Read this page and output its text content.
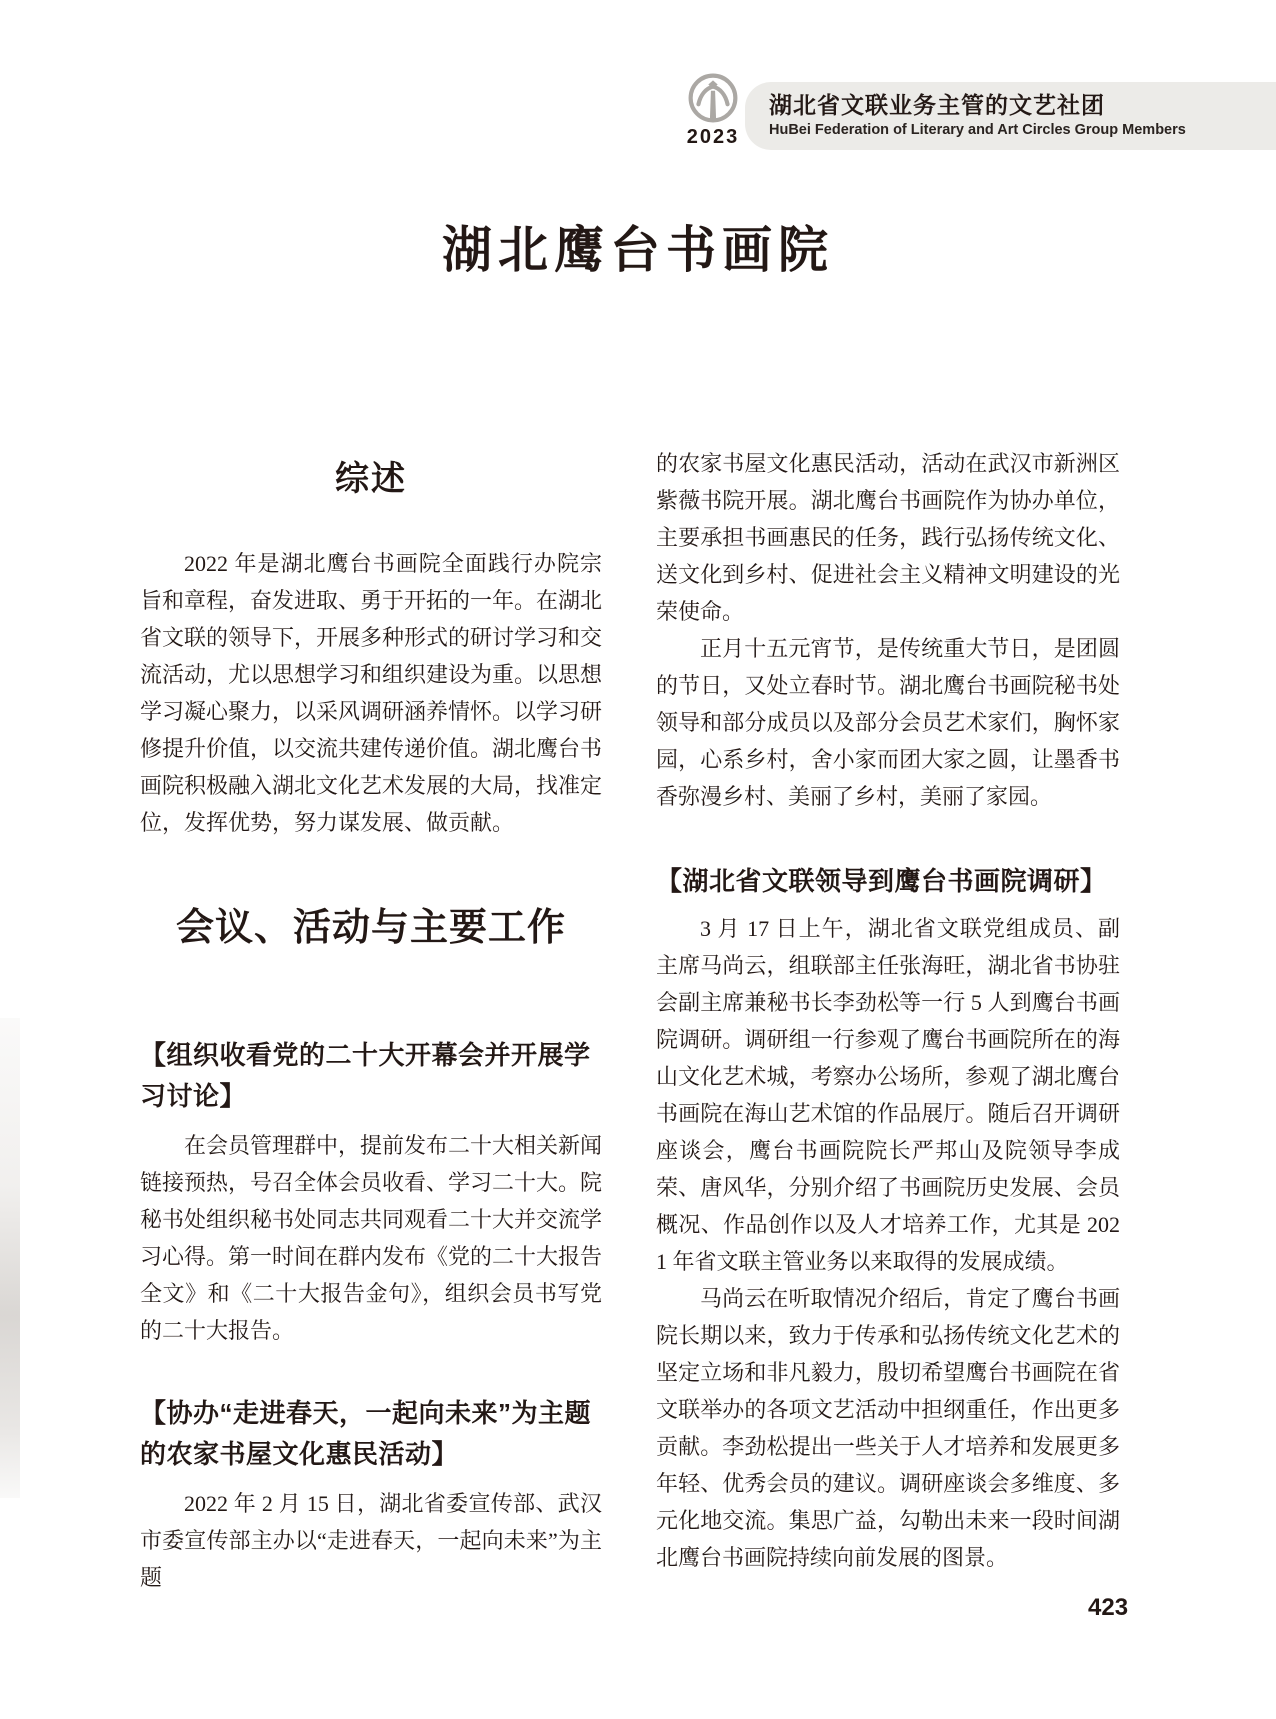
2023
湖北省文联业务主管的文艺社团
HuBei Federation of Literary and Art Circles Group Members
湖北鹰台书画院
综述

2022 年是湖北鹰台书画院全面践行办院宗旨和章程，奋发进取、勇于开拓的一年。在湖北省文联的领导下，开展多种形式的研讨学习和交流活动，尤以思想学习和组织建设为重。以思想学习凝心聚力，以采风调研涵养情怀。以学习研修提升价值，以交流共建传递价值。湖北鹰台书画院积极融入湖北文化艺术发展的大局，找准定位，发挥优势，努力谋发展、做贡献。

会议、活动与主要工作
【组织收看党的二十大开幕会并开展学习讨论】

在会员管理群中，提前发布二十大相关新闻链接预热，号召全体会员收看、学习二十大。院秘书处组织秘书处同志共同观看二十大并交流学习心得。第一时间在群内发布《党的二十大报告全文》和《二十大报告金句》，组织会员书写党的二十大报告。

【协办“走进春天，一起向未来”为主题的农家书屋文化惠民活动】

2022 年 2 月 15 日，湖北省委宣传部、武汉市委宣传部主办以“走进春天，一起向未来”为主题

的农家书屋文化惠民活动，活动在武汉市新洲区紫薇书院开展。湖北鹰台书画院作为协办单位，主要承担书画惠民的任务，践行弘扬传统文化、送文化到乡村、促进社会主义精神文明建设的光荣使命。

正月十五元宵节，是传统重大节日，是团圆的节日，又处立春时节。湖北鹰台书画院秘书处领导和部分成员以及部分会员艺术家们，胸怀家园，心系乡村，舍小家而团大家之圆，让墨香书香弥漫乡村、美丽了乡村，美丽了家园。

【湖北省文联领导到鹰台书画院调研】

3 月 17 日上午，湖北省文联党组成员、副主席马尚云，组联部主任张海旺，湖北省书协驻会副主席兼秘书长李劲松等一行 5 人到鹰台书画院调研。调研组一行参观了鹰台书画院所在的海山文化艺术城，考察办公场所，参观了湖北鹰台书画院在海山艺术馆的作品展厅。随后召开调研座谈会，鹰台书画院院长严邦山及院领导李成荣、唐风华，分别介绍了书画院历史发展、会员概况、作品创作以及人才培养工作，尤其是 2021 年省文联主管业务以来取得的发展成绩。

马尚云在听取情况介绍后，肯定了鹰台书画院长期以来，致力于传承和弘扬传统文化艺术的坚定立场和非凡毅力，殷切希望鹰台书画院在省文联举办的各项文艺活动中担纲重任，作出更多贡献。李劲松提出一些关于人才培养和发展更多年轻、优秀会员的建议。调研座谈会多维度、多元化地交流。集思广益，勾勒出未来一段时间湖北鹰台书画院持续向前发展的图景。

423
